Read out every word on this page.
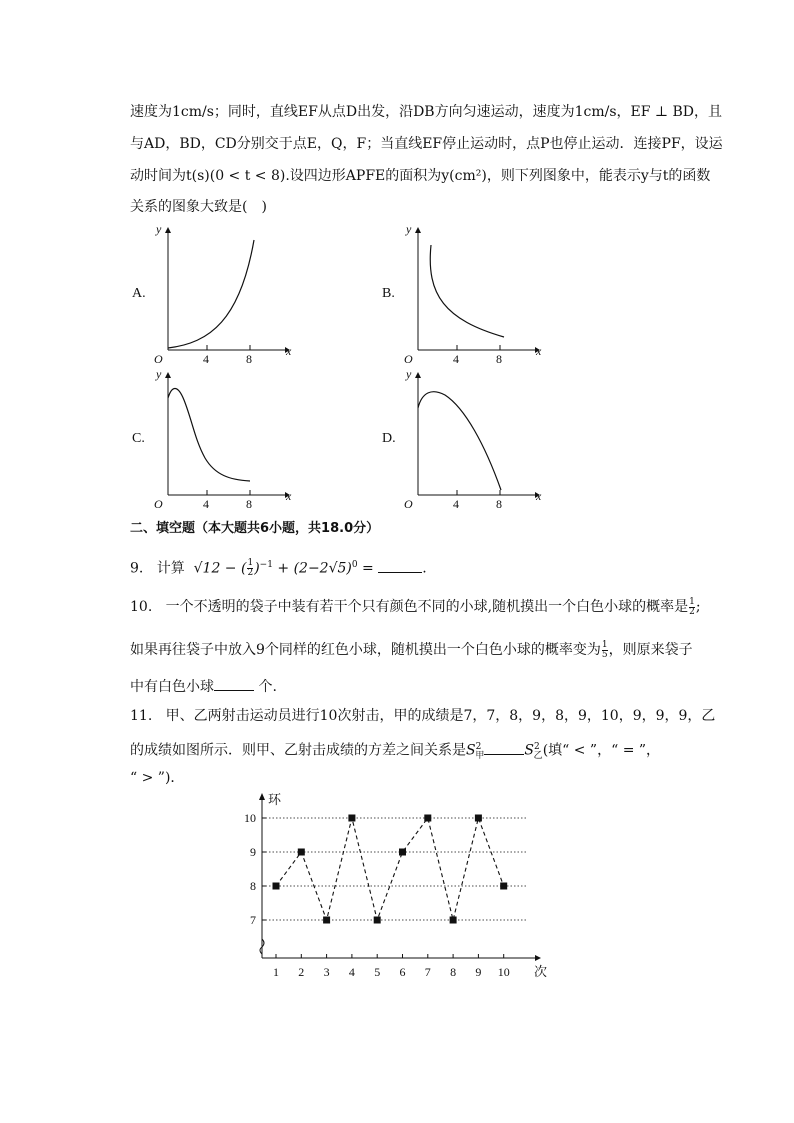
速度为1cm/s；同时，直线EF从点D出发，沿DB方向匀速运动，速度为1cm/s，EF ⊥ BD，且
与AD，BD，CD分别交于点E，Q，F；当直线EF停止运动时，点P也停止运动．连接PF，设运
动时间为t(s)(0 < t < 8).设四边形APFE的面积为y(cm²)，则下列图象中，能表示y与t的函数
关系的图象大致是(　)
A.	B.
C.	D.
y
x
O	4	8
y
x
O	4	8
y
x
O	4	8
y
x
O	4	8
二、填空题（本大题共6小题，共18.0分）
9. 计算 √12 − ( $\frac{1}{2} )^{-1} + (2-2√5)^0$ =	.
10. 一个不透明的袋子中装有若干个只有颜色不同的小球,随机摸出一个白色小球的概率是 $\frac{1}{2}$ ;
如果再往袋子中放入9个同样的红色小球，随机摸出一个白色小球的概率变为 $\frac{1}{5}$ ，则原来袋子
中有白色小球	个.
11. 甲、乙两射击运动员进行10次射击，甲的成绩是7，7，8，9，8，9，10，9，9，9，乙
的成绩如图所示．则甲、乙射击成绩的方差之间关系是$S^2_甲$	$S^2_乙$(填“ < ”，“ = ”，
“ > ”)．
7
8
9
10
1 2 3 4 5 6 7 8 9 10
环
次
